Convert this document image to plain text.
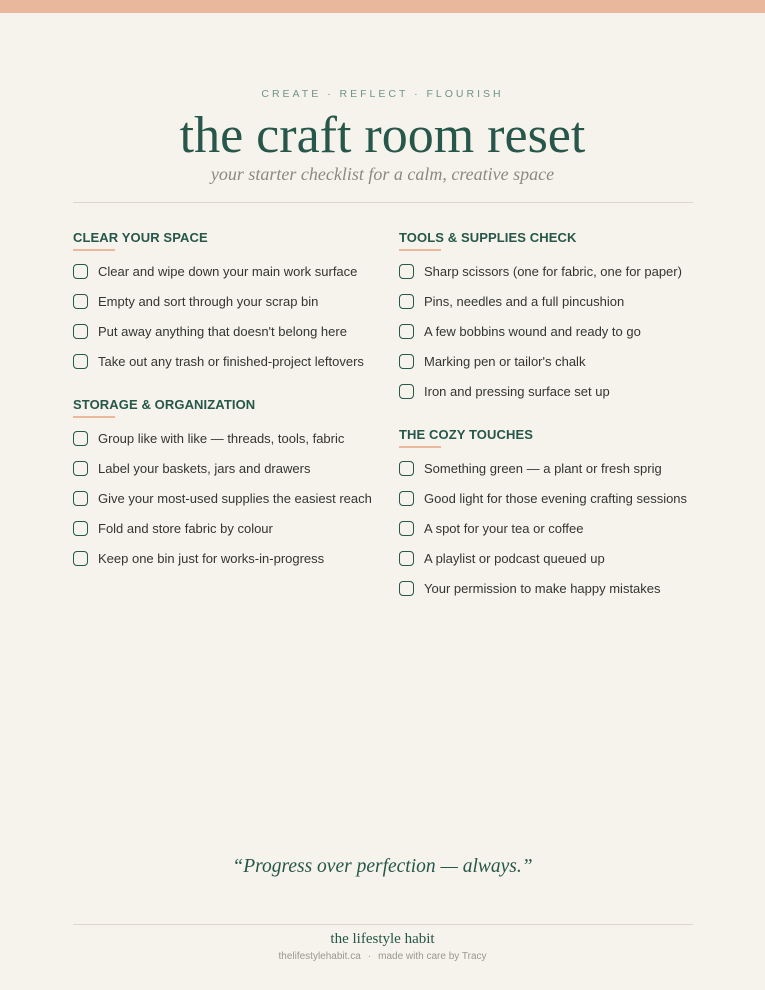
CREATE · REFLECT · FLOURISH
the craft room reset
your starter checklist for a calm, creative space
CLEAR YOUR SPACE
Clear and wipe down your main work surface
Empty and sort through your scrap bin
Put away anything that doesn't belong here
Take out any trash or finished-project leftovers
STORAGE & ORGANIZATION
Group like with like — threads, tools, fabric
Label your baskets, jars and drawers
Give your most-used supplies the easiest reach
Fold and store fabric by colour
Keep one bin just for works-in-progress
TOOLS & SUPPLIES CHECK
Sharp scissors (one for fabric, one for paper)
Pins, needles and a full pincushion
A few bobbins wound and ready to go
Marking pen or tailor's chalk
Iron and pressing surface set up
THE COZY TOUCHES
Something green — a plant or fresh sprig
Good light for those evening crafting sessions
A spot for your tea or coffee
A playlist or podcast queued up
Your permission to make happy mistakes
“Progress over perfection — always.”
the lifestyle habit
thelifestylehabit.ca · made with care by Tracy
